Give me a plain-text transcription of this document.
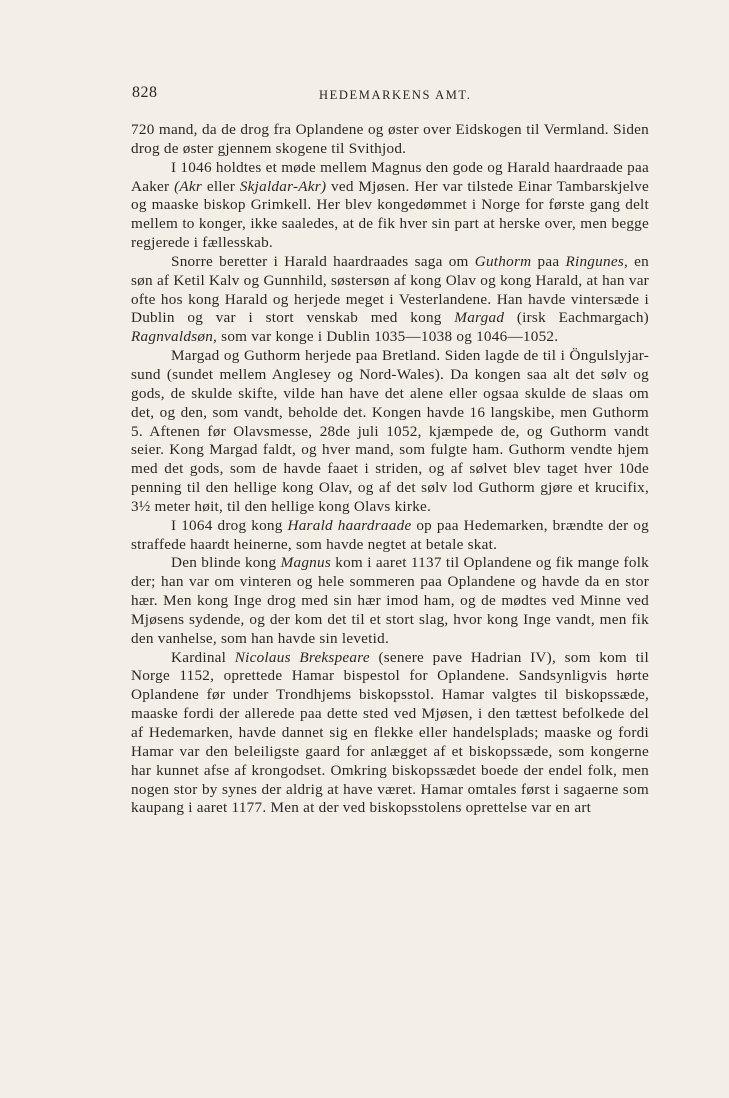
828	HEDEMARKENS AMT.

720 mand, da de drog fra Oplandene og øster over Eidskogen til Vermland. Siden drog de øster gjennem skogene til Svithjod.

I 1046 holdtes et møde mellem Magnus den gode og Harald haardraade paa Aaker (Akr eller Skjaldar-Akr) ved Mjøsen. Her var tilstede Einar Tambarskjelve og maaske biskop Grimkell. Her blev kongedømmet i Norge for første gang delt mellem to konger, ikke saaledes, at de fik hver sin part at herske over, men begge regjerede i fællesskab.

Snorre beretter i Harald haardraades saga om Guthorm paa Ringunes, en søn af Ketil Kalv og Gunnhild, søstersøn af kong Olav og kong Harald, at han var ofte hos kong Harald og herjede meget i Vesterlandene. Han havde vintersæde i Dublin og var i stort venskab med kong Margad (irsk Eachmargach) Ragnvaldsøn, som var konge i Dublin 1035—1038 og 1046—1052.

Margad og Guthorm herjede paa Bretland. Siden lagde de til i Öngulslyjar-sund (sundet mellem Anglesey og Nord-Wales). Da kongen saa alt det sølv og gods, de skulde skifte, vilde han have det alene eller ogsaa skulde de slaas om det, og den, som vandt, beholde det. Kongen havde 16 langskibe, men Guthorm 5. Aftenen før Olavsmesse, 28de juli 1052, kjæmpede de, og Guthorm vandt seier. Kong Margad faldt, og hver mand, som fulgte ham. Guthorm vendte hjem med det gods, som de havde faaet i striden, og af sølvet blev taget hver 10de penning til den hellige kong Olav, og af det sølv lod Guthorm gjøre et krucifix, 3½ meter høit, til den hellige kong Olavs kirke.

I 1064 drog kong Harald haardraade op paa Hedemarken, brændte der og straffede haardt heinerne, som havde negtet at betale skat.

Den blinde kong Magnus kom i aaret 1137 til Oplandene og fik mange folk der; han var om vinteren og hele sommeren paa Oplandene og havde da en stor hær. Men kong Inge drog med sin hær imod ham, og de mødtes ved Minne ved Mjøsens sydende, og der kom det til et stort slag, hvor kong Inge vandt, men fik den vanhelse, som han havde sin levetid.

Kardinal Nicolaus Brekspeare (senere pave Hadrian IV), som kom til Norge 1152, oprettede Hamar bispestol for Oplandene. Sandsynligvis hørte Oplandene før under Trondhjems biskopsstol. Hamar valgtes til biskopssæde, maaske fordi der allerede paa dette sted ved Mjøsen, i den tættest befolkede del af Hedemarken, havde dannet sig en flekke eller handelsplads; maaske og fordi Hamar var den beleiligste gaard for anlægget af et biskopssæde, som kongerne har kunnet afse af krongodset. Omkring biskopssædet boede der endel folk, men nogen stor by synes der aldrig at have været. Hamar omtales først i sagaerne som kaupang i aaret 1177. Men at der ved biskopsstolens oprettelse var en art
